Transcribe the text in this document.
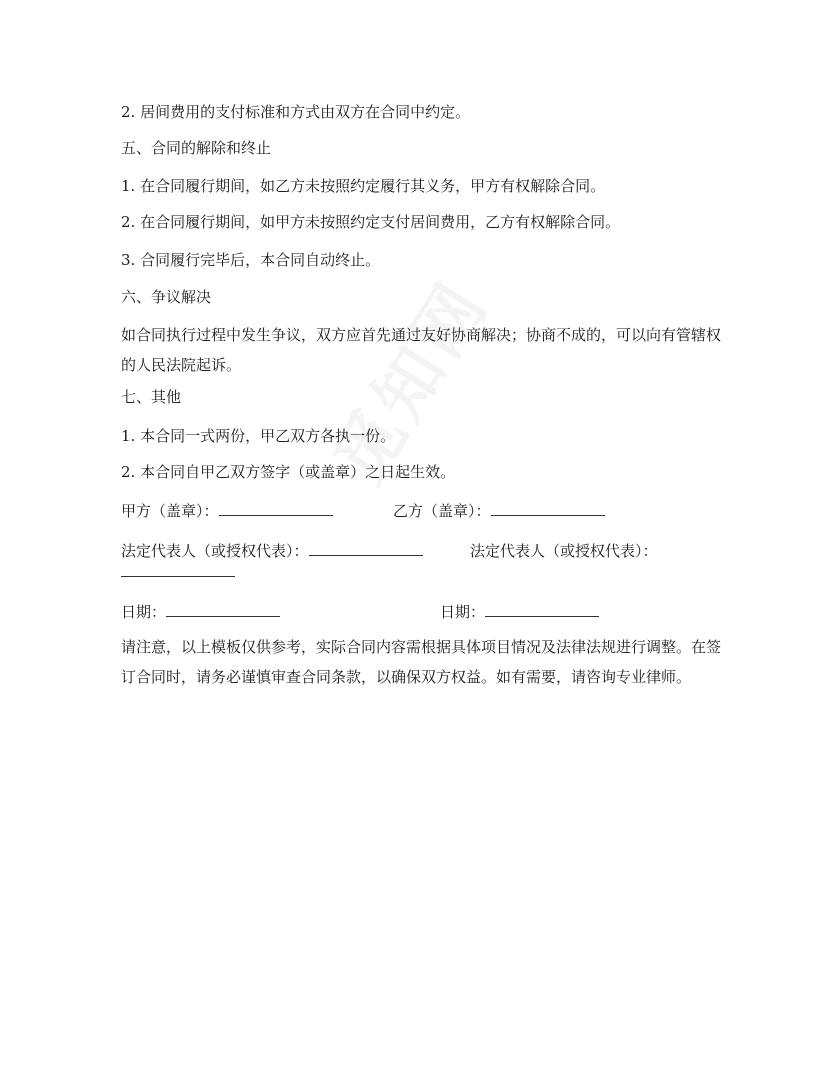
2. 居间费用的支付标准和方式由双方在合同中约定。
五、合同的解除和终止
1. 在合同履行期间，如乙方未按照约定履行其义务，甲方有权解除合同。
2. 在合同履行期间，如甲方未按照约定支付居间费用，乙方有权解除合同。
3. 合同履行完毕后，本合同自动终止。
六、争议解决
如合同执行过程中发生争议，双方应首先通过友好协商解决；协商不成的，可以向有管辖权的人民法院起诉。
七、其他
1. 本合同一式两份，甲乙双方各执一份。
2. 本合同自甲乙双方签字（或盖章）之日起生效。
甲方（盖章）：	乙方（盖章）：
法定代表人（或授权代表）：	法定代表人（或授权代表）：
日期：	日期：
请注意，以上模板仅供参考，实际合同内容需根据具体项目情况及法律法规进行调整。在签订合同时，请务必谨慎审查合同条款，以确保双方权益。如有需要，请咨询专业律师。
